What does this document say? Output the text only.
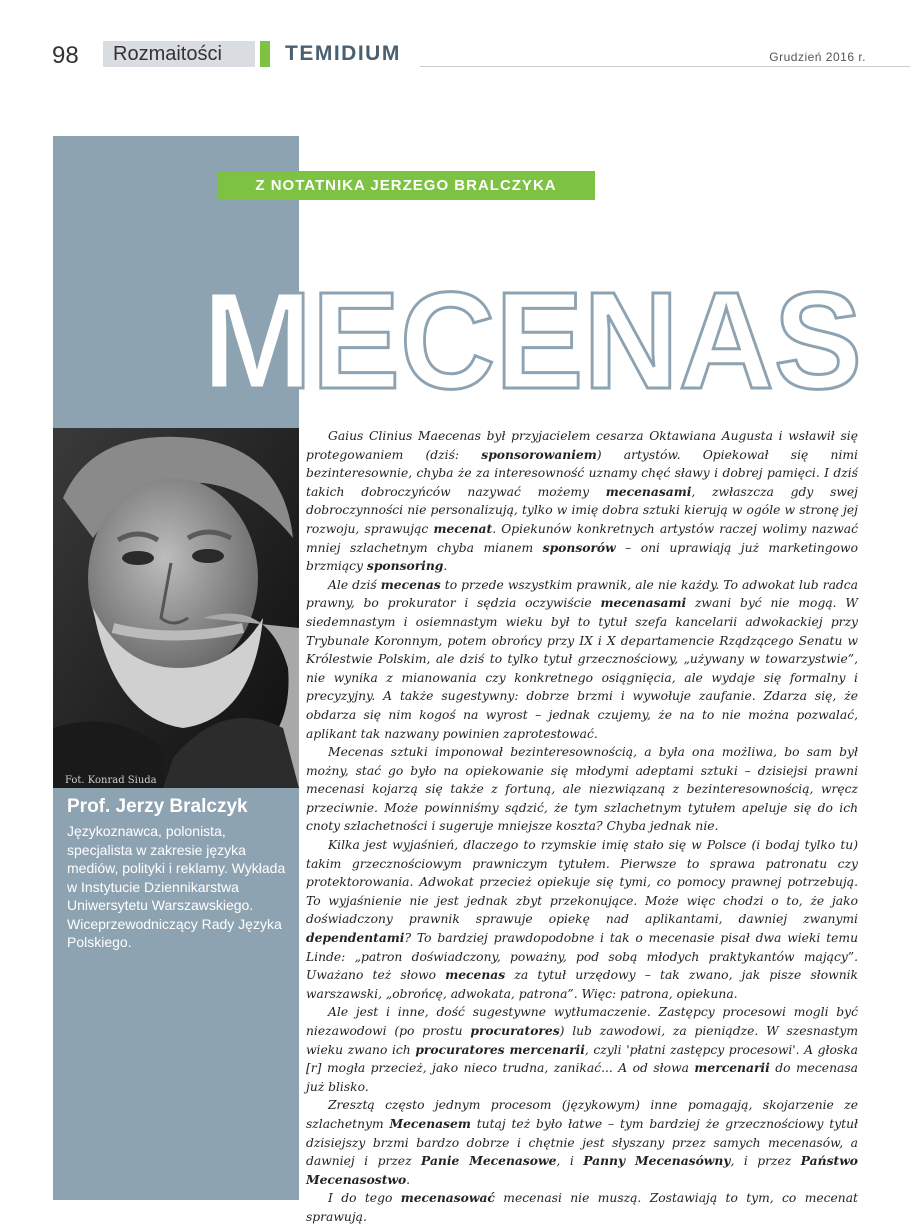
98	Rozmaitości	TEMIDIUM	Grudzień 2016 r.
Z NOTATNIKA JERZEGO BRALCZYKA
MECENAS
Fot. Konrad Siuda
Prof. Jerzy Bralczyk
Językoznawca, polonista, specjalista w zakresie języka mediów, polityki i reklamy. Wykłada w Instytucie Dziennikarstwa Uniwersytetu Warszawskiego. Wiceprzewodniczący Rady Języka Polskiego.

Gaius Clinius Maecenas był przyjacielem cesarza Oktawiana Augusta i wsławił się protegowaniem (dziś: sponsorowaniem) artystów. Opiekował się nimi bezinteresownie, chyba że za interesowność uznamy chęć sławy i dobrej pamięci. I dziś takich dobroczyńców nazywać możemy mecenasami, zwłaszcza gdy swej dobroczynności nie personalizują, tylko w imię dobra sztuki kierują w ogóle w stronę jej rozwoju, sprawując mecenat. Opiekunów konkretnych artystów raczej wolimy nazwać mniej szlachetnym chyba mianem sponsorów – oni uprawiają już marketingowo brzmiący sponsoring.

Ale dziś mecenas to przede wszystkim prawnik, ale nie każdy. To adwokat lub radca prawny, bo prokurator i sędzia oczywiście mecenasami zwani być nie mogą. W siedemnastym i osiemnastym wieku był to tytuł szefa kancelarii adwokackiej przy Trybunale Koronnym, potem obrońcy przy IX i X departamencie Rządzącego Senatu w Królestwie Polskim, ale dziś to tylko tytuł grzecznościowy, „używany w towarzystwie”, nie wynika z mianowania czy konkretnego osiągnięcia, ale wydaje się formalny i precyzyjny. A także sugestywny: dobrze brzmi i wywołuje zaufanie. Zdarza się, że obdarza się nim kogoś na wyrost – jednak czujemy, że na to nie można pozwalać, aplikant tak nazwany powinien zaprotestować.

Mecenas sztuki imponował bezinteresownością, a była ona możliwa, bo sam był możny, stać go było na opiekowanie się młodymi adeptami sztuki – dzisiejsi prawni mecenasi kojarzą się także z fortuną, ale niezwiązaną z bezinteresownością, wręcz przeciwnie. Może powinniśmy sądzić, że tym szlachetnym tytułem apeluje się do ich cnoty szlachetności i sugeruje mniejsze koszta? Chyba jednak nie.

Kilka jest wyjaśnień, dlaczego to rzymskie imię stało się w Polsce (i bodaj tylko tu) takim grzecznościowym prawniczym tytułem. Pierwsze to sprawa patronatu czy protektorowania. Adwokat przecież opiekuje się tymi, co pomocy prawnej potrzebują. To wyjaśnienie nie jest jednak zbyt przekonujące. Może więc chodzi o to, że jako doświadczony prawnik sprawuje opiekę nad aplikantami, dawniej zwanymi dependentami? To bardziej prawdopodobne i tak o mecenasie pisał dwa wieki temu Linde: „patron doświadczony, poważny, pod sobą młodych praktykantów mający”. Uważano też słowo mecenas za tytuł urzędowy – tak zwano, jak pisze słownik warszawski, „obrońcę, adwokata, patrona”. Więc: patrona, opiekuna.

Ale jest i inne, dość sugestywne wytłumaczenie. Zastępcy procesowi mogli być niezawodowi (po prostu procuratores) lub zawodowi, za pieniądze. W szesnastym wieku zwano ich procuratores mercenarii, czyli 'płatni zastępcy procesowi'. A głoska [r] mogła przecież, jako nieco trudna, zanikać... A od słowa mercenarii do mecenasa już blisko.

Zresztą często jednym procesom (językowym) inne pomagają, skojarzenie ze szlachetnym Mecenasem tutaj też było łatwe – tym bardziej że grzecznościowy tytuł dzisiejszy brzmi bardzo dobrze i chętnie jest słyszany przez samych mecenasów, a dawniej i przez Panie Mecenasowe, i Panny Mecenasówny, i przez Państwo Mecenasostwo.

I do tego mecenasować mecenasi nie muszą. Zostawiają to tym, co mecenat sprawują.
